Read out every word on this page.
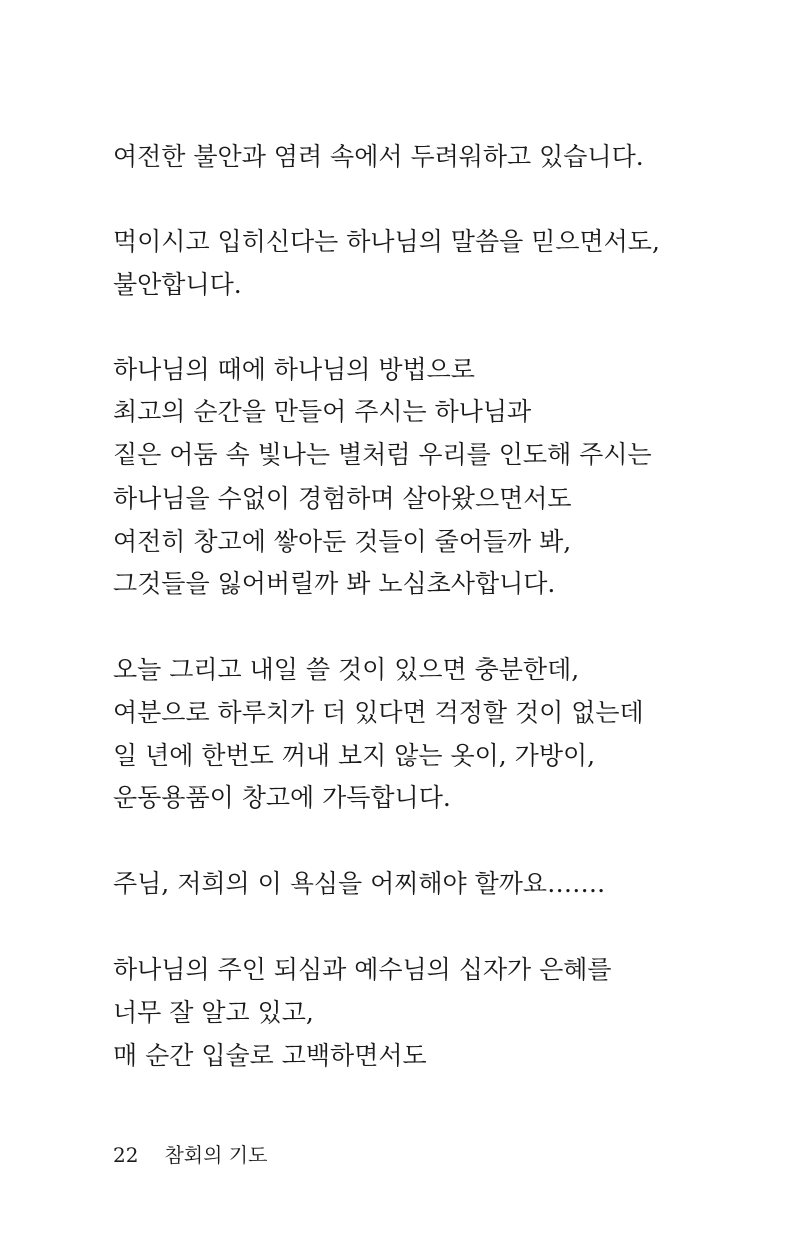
여전한 불안과 염려 속에서 두려워하고 있습니다.
먹이시고 입히신다는 하나님의 말씀을 믿으면서도,
불안합니다.
하나님의 때에 하나님의 방법으로
최고의 순간을 만들어 주시는 하나님과
짙은 어둠 속 빛나는 별처럼 우리를 인도해 주시는
하나님을 수없이 경험하며 살아왔으면서도
여전히 창고에 쌓아둔 것들이 줄어들까 봐,
그것들을 잃어버릴까 봐 노심초사합니다.
오늘 그리고 내일 쓸 것이 있으면 충분한데,
여분으로 하루치가 더 있다면 걱정할 것이 없는데
일 년에 한번도 꺼내 보지 않는 옷이, 가방이,
운동용품이 창고에 가득합니다.
주님, 저희의 이 욕심을 어찌해야 할까요…….
하나님의 주인 되심과 예수님의 십자가 은혜를
너무 잘 알고 있고,
매 순간 입술로 고백하면서도
22 참회의 기도
